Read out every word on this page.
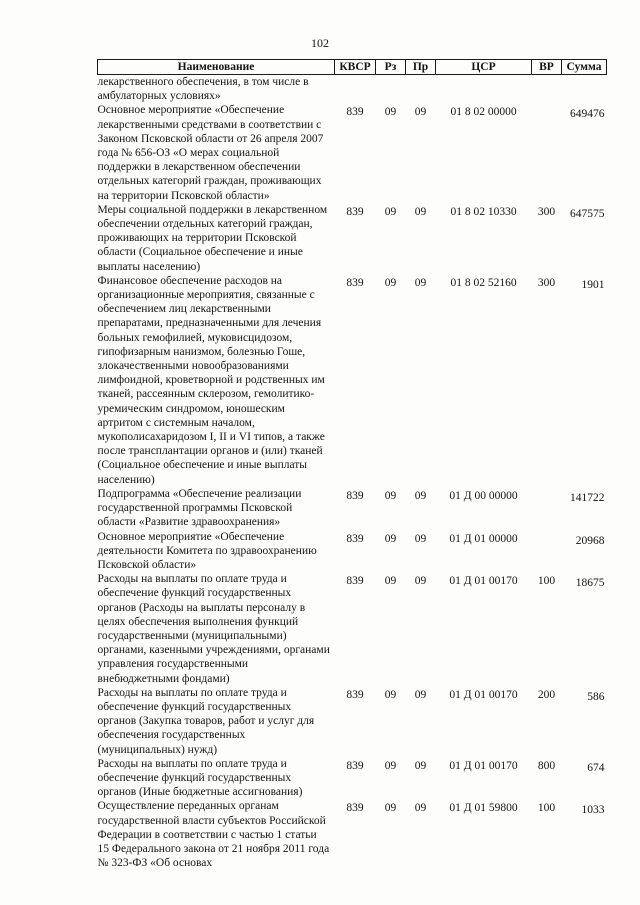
102
Наименование	КВСР	Рз	Пр	ЦСР	ВР	Сумма
лекарственного обеспечения, в том числе в амбулаторных условиях»						
Основное мероприятие «Обеспечение лекарственными средствами в соответствии с Законом Псковской области от 26 апреля 2007 года № 656-ОЗ «О мерах социальной поддержки в лекарственном обеспечении отдельных категорий граждан, проживающих на территории Псковской области»	839	09	09	01 8 02 00000		649476
Меры социальной поддержки в лекарственном обеспечении отдельных категорий граждан, проживающих на территории Псковской области (Социальное обеспечение и иные выплаты населению)	839	09	09	01 8 02 10330	300	647575
Финансовое обеспечение расходов на организационные мероприятия, связанные с обеспечением лиц лекарственными препаратами, предназначенными для лечения больных гемофилией, муковисцидозом, гипофизарным нанизмом, болезнью Гоше, злокачественными новообразованиями лимфоидной, кроветворной и родственных им тканей, рассеянным склерозом, гемолитико-уремическим синдромом, юношеским артритом с системным началом, мукополисахаридозом I, II и VI типов, а также после трансплантации органов и (или) тканей (Социальное обеспечение и иные выплаты населению)	839	09	09	01 8 02 52160	300	1901
Подпрограмма «Обеспечение реализации государственной программы Псковской области «Развитие здравоохранения»	839	09	09	01 Д 00 00000		141722
Основное мероприятие «Обеспечение деятельности Комитета по здравоохранению Псковской области»	839	09	09	01 Д 01 00000		20968
Расходы на выплаты по оплате труда и обеспечение функций государственных органов (Расходы на выплаты персоналу в целях обеспечения выполнения функций государственными (муниципальными) органами, казенными учреждениями, органами управления государственными внебюджетными фондами)	839	09	09	01 Д 01 00170	100	18675
Расходы на выплаты по оплате труда и обеспечение функций государственных органов (Закупка товаров, работ и услуг для обеспечения государственных (муниципальных) нужд)	839	09	09	01 Д 01 00170	200	586
Расходы на выплаты по оплате труда и обеспечение функций государственных органов (Иные бюджетные ассигнования)	839	09	09	01 Д 01 00170	800	674
Осуществление переданных органам государственной власти субъектов Российской Федерации в соответствии с частью 1 статьи 15 Федерального закона от 21 ноября 2011 года № 323-ФЗ «Об основах	839	09	09	01 Д 01 59800	100	1033
